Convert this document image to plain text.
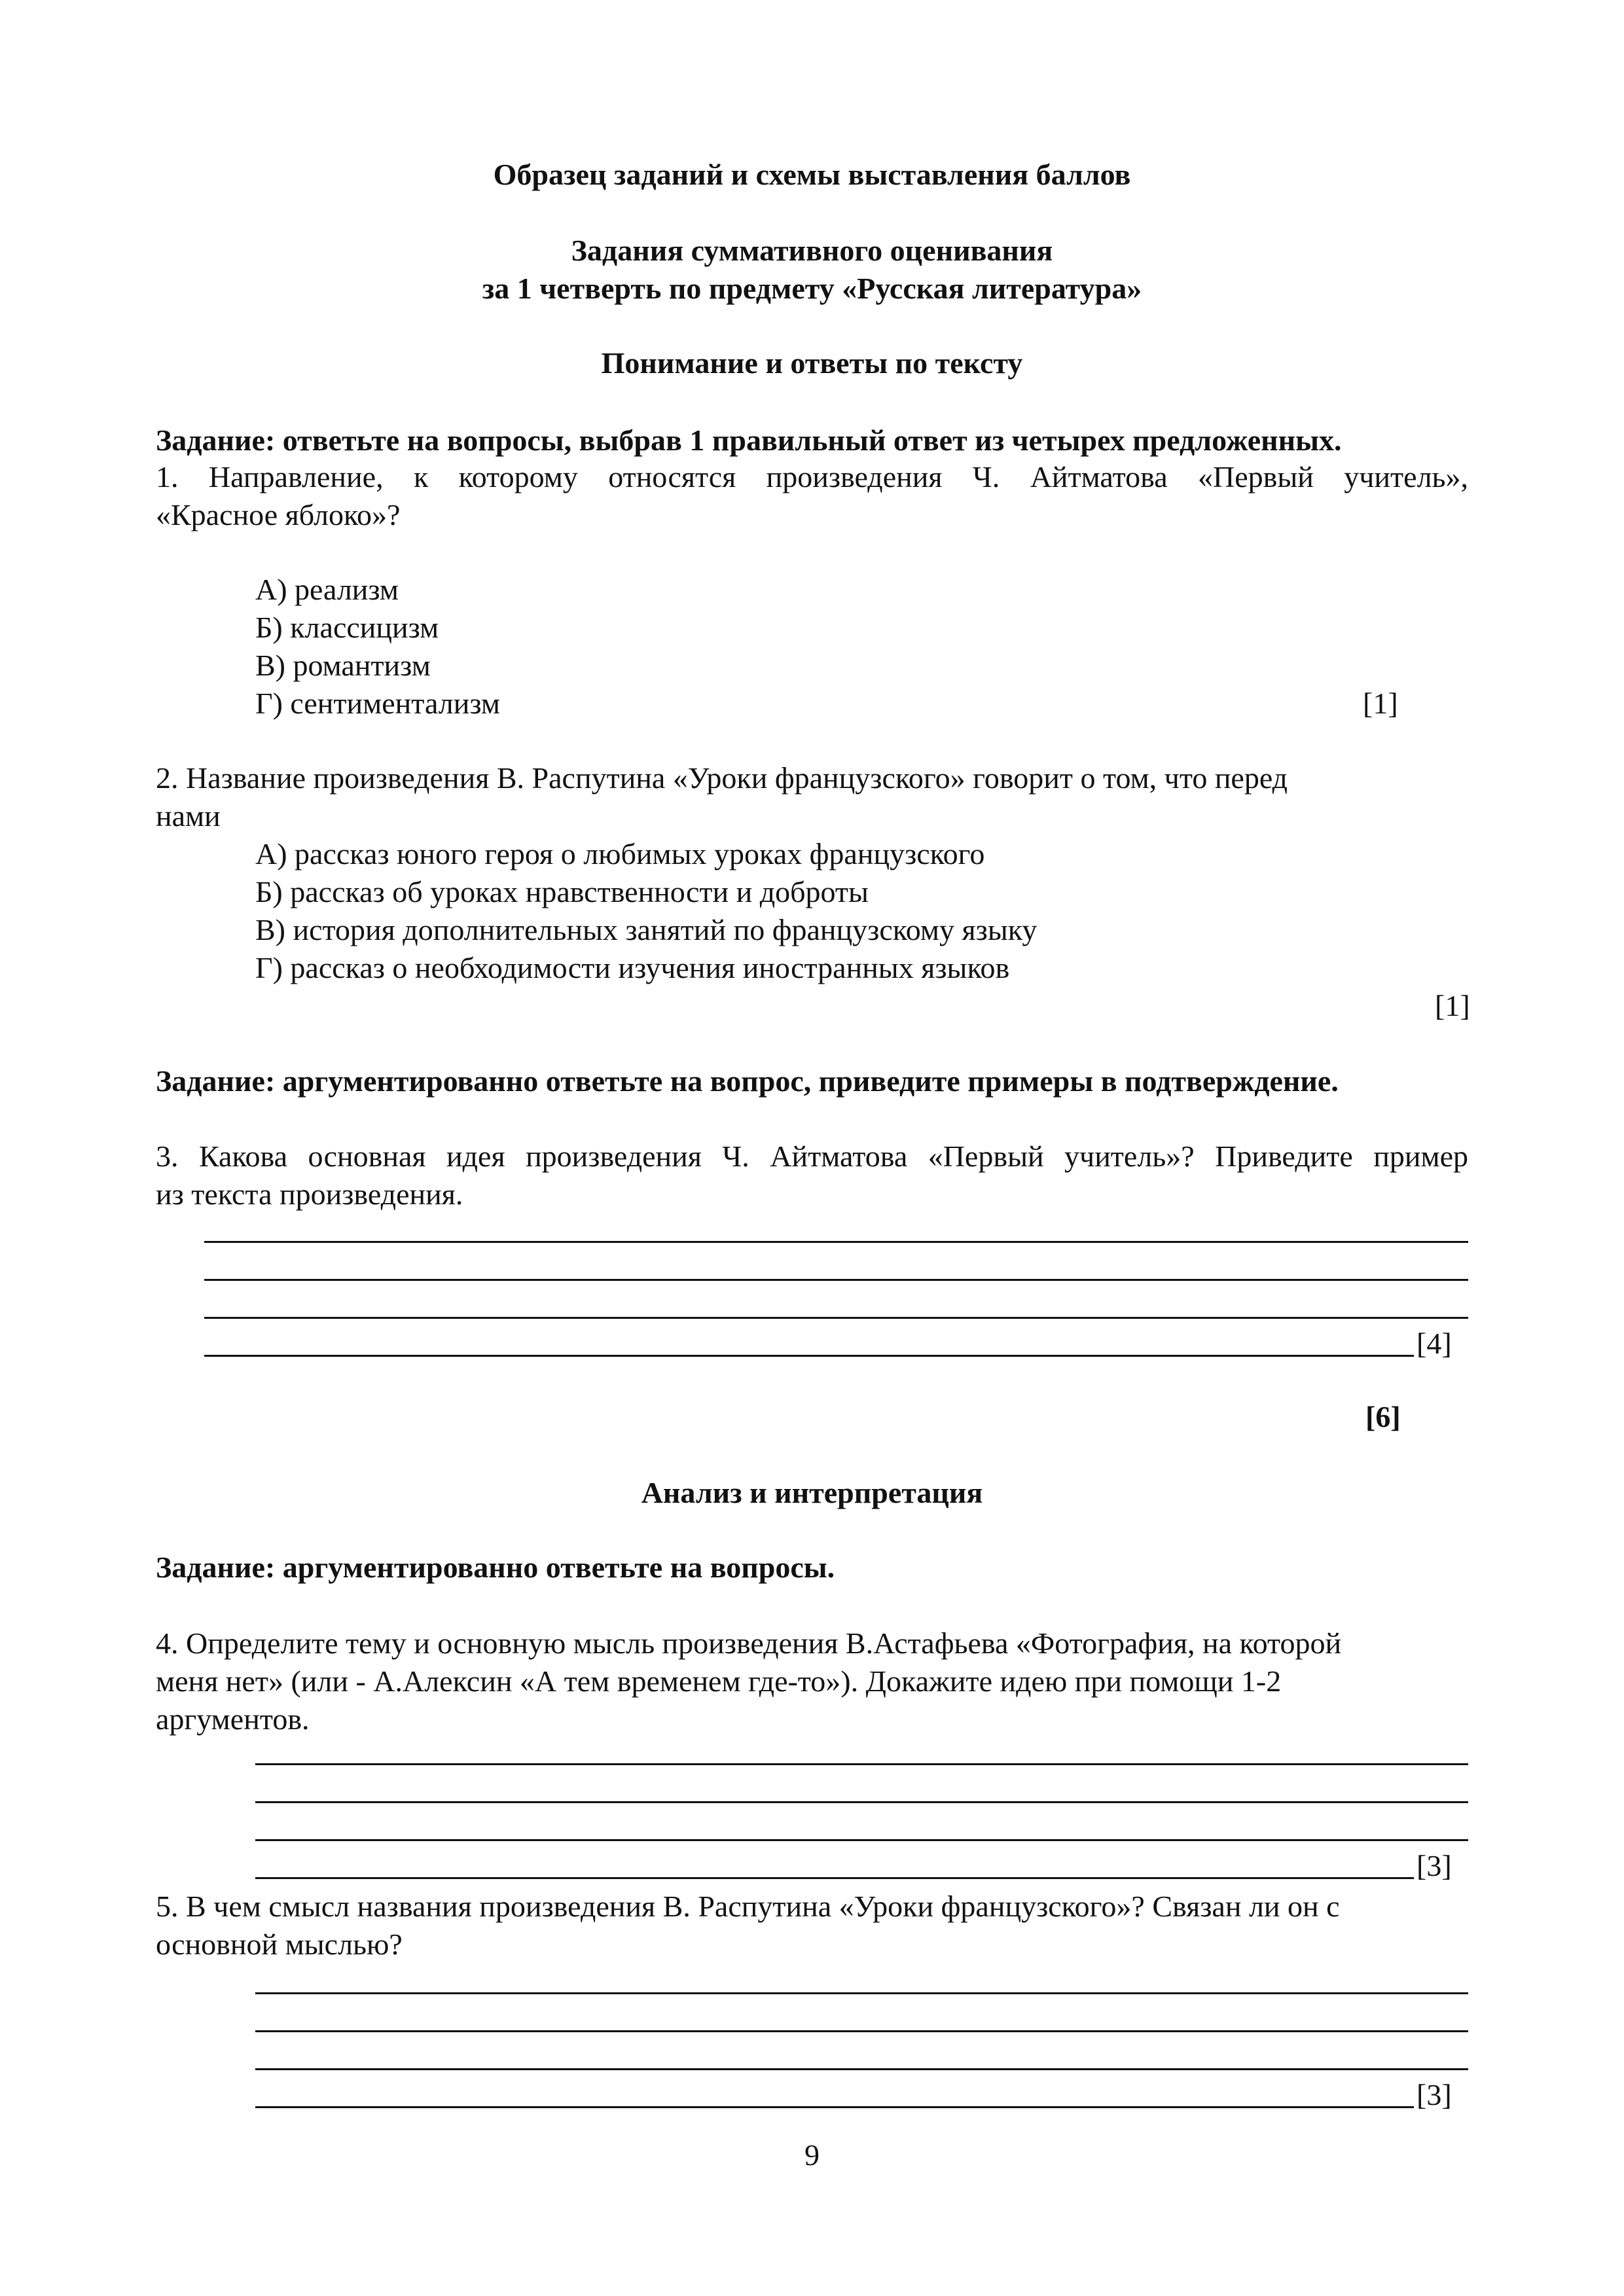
Образец заданий и схемы выставления баллов
Задания суммативного оценивания
за 1 четверть по предмету «Русская литература»
Понимание и ответы по тексту
Задание: ответьте на вопросы, выбрав 1 правильный ответ из четырех предложенных.
1. Направление, к которому относятся произведения Ч. Айтматова «Первый учитель»,
«Красное яблоко»?
А) реализм
Б) классицизм
В) романтизм
Г) сентиментализм	[1]
2. Название произведения В. Распутина «Уроки французского» говорит о том, что перед
нами
А) рассказ юного героя о любимых уроках французского
Б) рассказ об уроках нравственности и доброты
В) история дополнительных занятий по французскому языку
Г) рассказ о необходимости изучения иностранных языков
[1]
Задание: аргументированно ответьте на вопрос, приведите примеры в подтверждение.
3. Какова основная идея произведения Ч. Айтматова «Первый учитель»? Приведите пример
из текста произведения.
[4]
[6]
Анализ и интерпретация
Задание: аргументированно ответьте на вопросы.
4. Определите тему и основную мысль произведения В.Астафьева «Фотография, на которой
меня нет» (или - А.Алексин «А тем временем где-то»). Докажите идею при помощи 1-2
аргументов.
[3]
5. В чем смысл названия произведения В. Распутина «Уроки французского»? Связан ли он с
основной мыслью?
[3]
9
